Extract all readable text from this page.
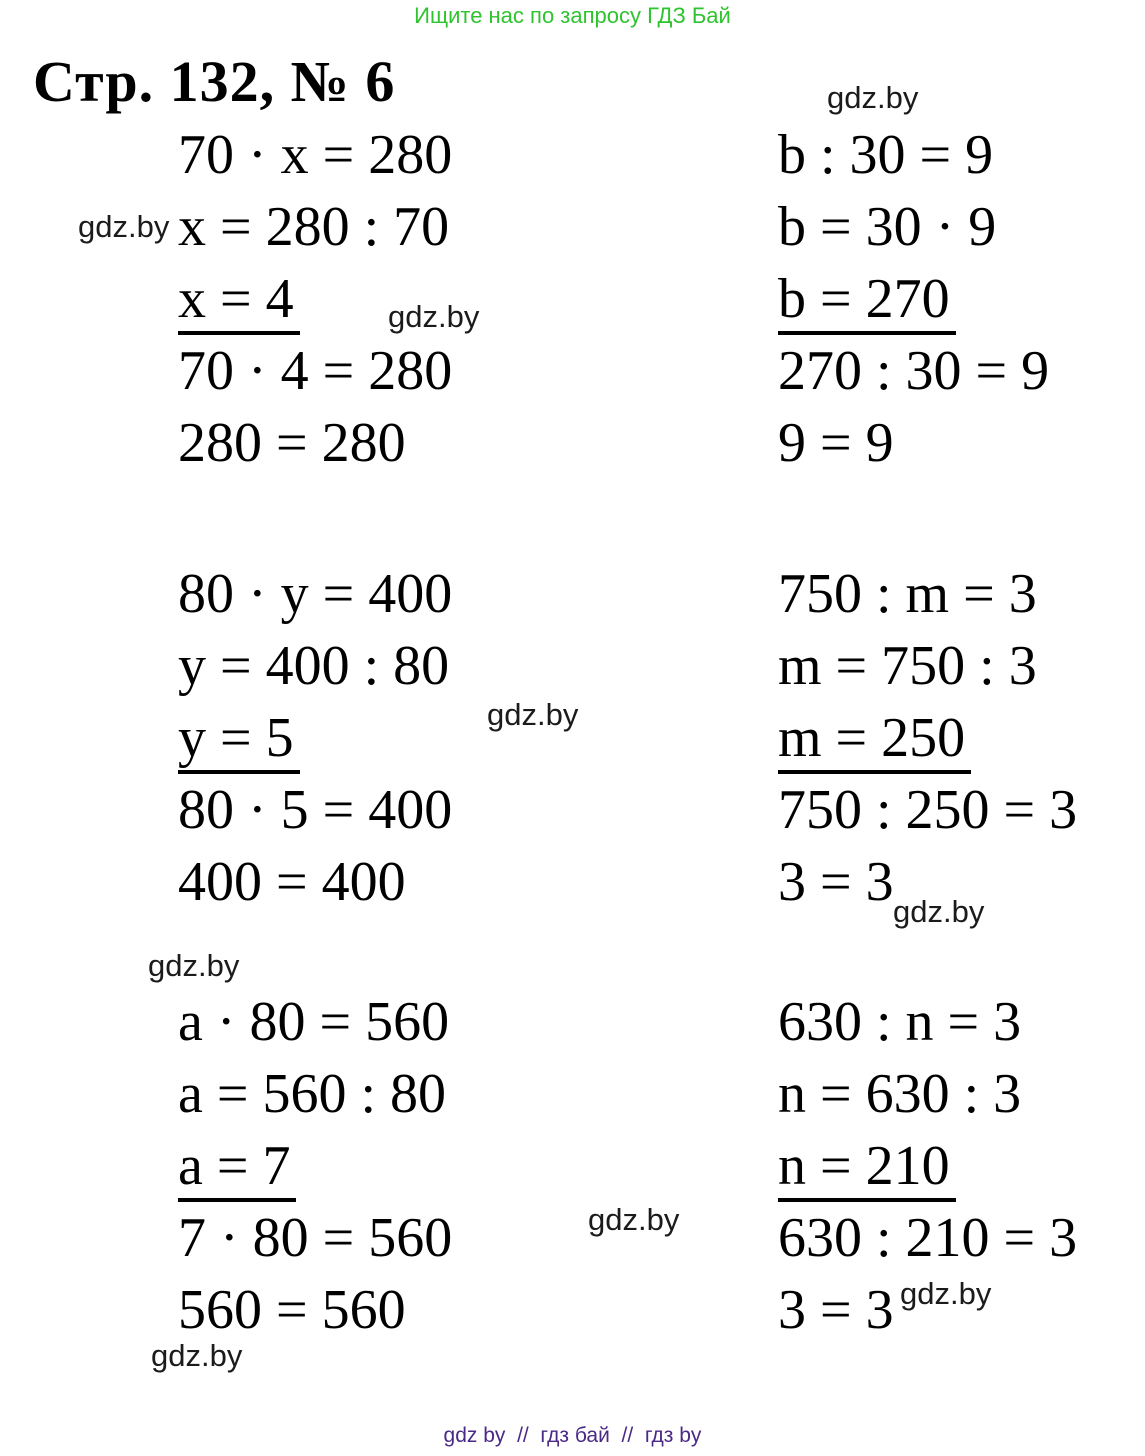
Ищите нас по запросу ГДЗ Бай
Стр. 132, № 6
70 · x = 280
x = 280 : 70
x = 4
70 · 4 = 280
280 = 280
b : 30 = 9
b = 30 · 9
b = 270
270 : 30 = 9
9 = 9
80 · y = 400
y = 400 : 80
y = 5
80 · 5 = 400
400 = 400
750 : m = 3
m = 750 : 3
m = 250
750 : 250 = 3
3 = 3
a · 80 = 560
a = 560 : 80
a = 7
7 · 80 = 560
560 = 560
630 : n = 3
n = 630 : 3
n = 210
630 : 210 = 3
3 = 3
gdz.by
gdz.by
gdz.by
gdz.by
gdz.by
gdz.by
gdz.by
gdz.by
gdz.by
gdz by  //  гдз бай  //  гдз by
